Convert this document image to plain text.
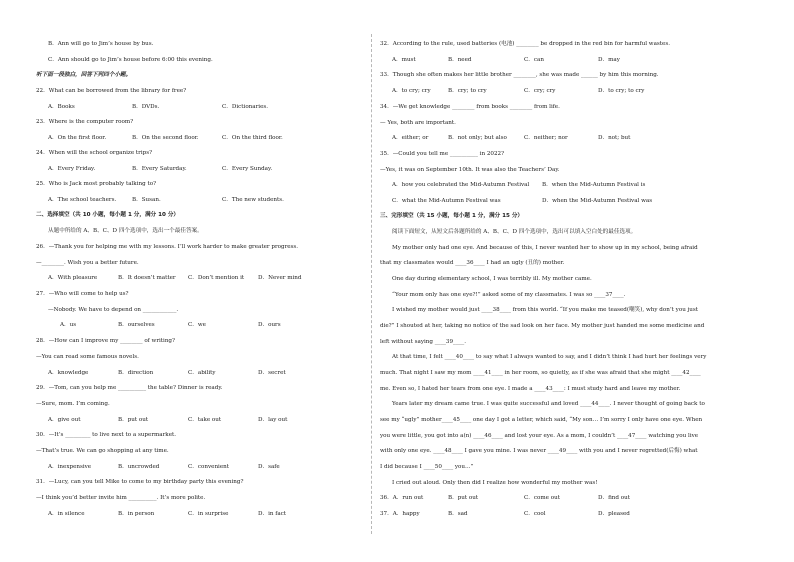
B．Ann will go to Jim’s house by bus.
C．Ann should go to Jim’s house before 6:00 this evening.
听下面一段独白，回答下列四个小题。
22．What can be borrowed from the library for free?
A．Books	B．DVDs.	C．Dictionaries.
23．Where is the computer room?
A．On the first floor.	B．On the second floor.	C．On the third floor.
24．When will the school organize trips?
A．Every Friday.	B．Every Saturday.	C．Every Sunday.
25．Who is Jack most probably talking to?
A．The school teachers.	B．Susan.	C．The new students.
二、选择填空（共 10 小题，每小题 1 分，满分 10 分）
从题中所给的 A、B、C、D 四个选项中，选出一个最佳答案。
26．—Thank you for helping me with my lessons. I’ll work harder to make greater progress.
—________. Wish you a better future.
A．With pleasure	B．It doesn’t matter C．Don’t mention it D．Never mind
27．—Who will come to help us?
—Nobody. We have to depend on ____________.
A．us	B．ourselves	C．we	D．ours
28．—How can I improve my ________ of writing?
—You can read some famous novels.
A．knowledge	B．direction	C．ability	D．secret
29．—Tom, can you help me __________ the table? Dinner is ready.
—Sure, mom. I’m coming.
A．give out	B．put out	C．take out	D．lay out
30．—It’s _________ to live next to a supermarket.
—That’s true. We can go shopping at any time.
A．inexpensive	B．uncrowded	C．convenient	D．safe
31．—Lucy, can you tell Mike to come to my birthday party this evening?
—I think you’d better invite him __________. It’s more polite.
A．in silence	B．in person	C．in surprise	D．in fact
32．According to the rule, used batteries (电池) ________ be dropped in the red bin for harmful wastes.
A．must	B．need	C．can	D．may
33．Though she often makes her little brother ________, she was made ______ by him this morning.
A．to cry; cry	B．cry; to cry	C．cry; cry	D．to cry; to cry
34．—We get knowledge ________ from books ________ from life.
— Yes, both are important.
A．either; or	B．not only; but also	C．neither; nor	D．not; but
35．—Could you tell me __________ in 2022?
—Yes, it was on September 10th. It was also the Teachers’ Day.
A．how you celebrated the Mid-Autumn Festival B．when the Mid-Autumn Festival is
C．what the Mid-Autumn Festival was	D．when the Mid-Autumn Festival was
三、完形填空（共 15 小题，每小题 1 分，满分 15 分）
阅读下面短文，从短文后各题所给的 A、B、C、D 四个选项中，选出可以填入空白处的最佳选项。
My mother only had one eye. And because of this, I never wanted her to show up in my school, being afraid
that my classmates would ____36____ I had an ugly (丑的) mother.
One day during elementary school, I was terribly ill. My mother came.
“Your mom only has one eye?!” asked some of my classmates. I was so ____37____.
I wished my mother would just ____38____ from this world. “If you make me teased(嘲笑), why don’t you just
die?” I shouted at her, taking no notice of the sad look on her face. My mother just handed me some medicine and
left without saying ____39____.
At that time, I felt ____40____ to say what I always wanted to say, and I didn’t think I had hurt her feelings very
much. That night I saw my mom ____41____ in her room, so quietly, as if she was afraid that she might ____42____
me. Even so, I hated her tears from one eye. I made a ____43____: I must study hard and leave my mother.
Years later my dream came true. I was quite successful and loved ____44____. I never thought of going back to
see my “ugly” mother____45____ one day I got a letter, which said, “My son… I’m sorry I only have one eye. When
you were little, you got into a(n) ____46____ and lost your eye. As a mom, I couldn’t ____47____ watching you live
with only one eye. ____48____ I gave you mine. I was never ____49____ with you and I never regretted(后悔) what
I did because I ____50____ you…”
I cried out aloud. Only then did I realize how wonderful my mother was!
36．A．run out	B．put out	C．come out	D．find out
37．A．happy	B．sad	C．cool	D．pleased
